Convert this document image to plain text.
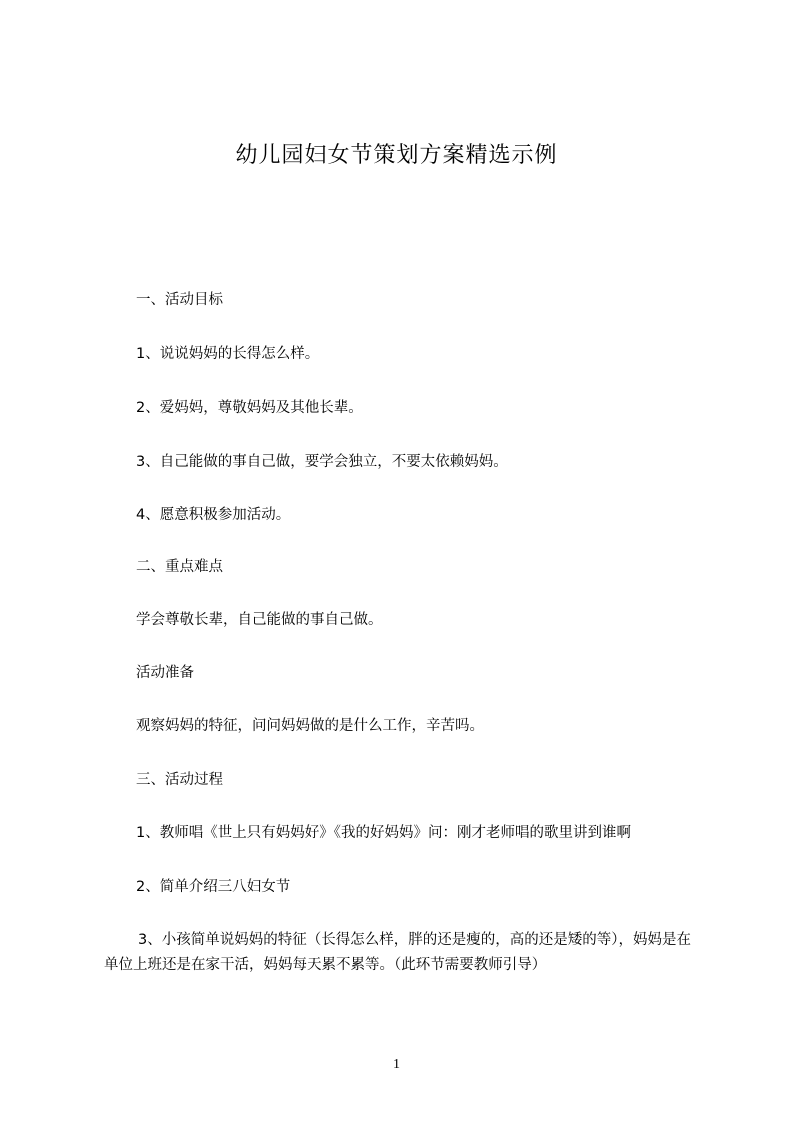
幼儿园妇女节策划方案精选示例

一、活动目标

1、说说妈妈的长得怎么样。

2、爱妈妈，尊敬妈妈及其他长辈。

3、自己能做的事自己做，要学会独立，不要太依赖妈妈。

4、愿意积极参加活动。

二、重点难点

学会尊敬长辈，自己能做的事自己做。

活动准备

观察妈妈的特征，问问妈妈做的是什么工作，辛苦吗。

三、活动过程

1、教师唱《世上只有妈妈好》《我的好妈妈》问：刚才老师唱的歌里讲到谁啊

2、简单介绍三八妇女节

3、小孩简单说妈妈的特征（长得怎么样，胖的还是瘦的，高的还是矮的等），妈妈是在单位上班还是在家干活，妈妈每天累不累等。（此环节需要教师引导）

1
